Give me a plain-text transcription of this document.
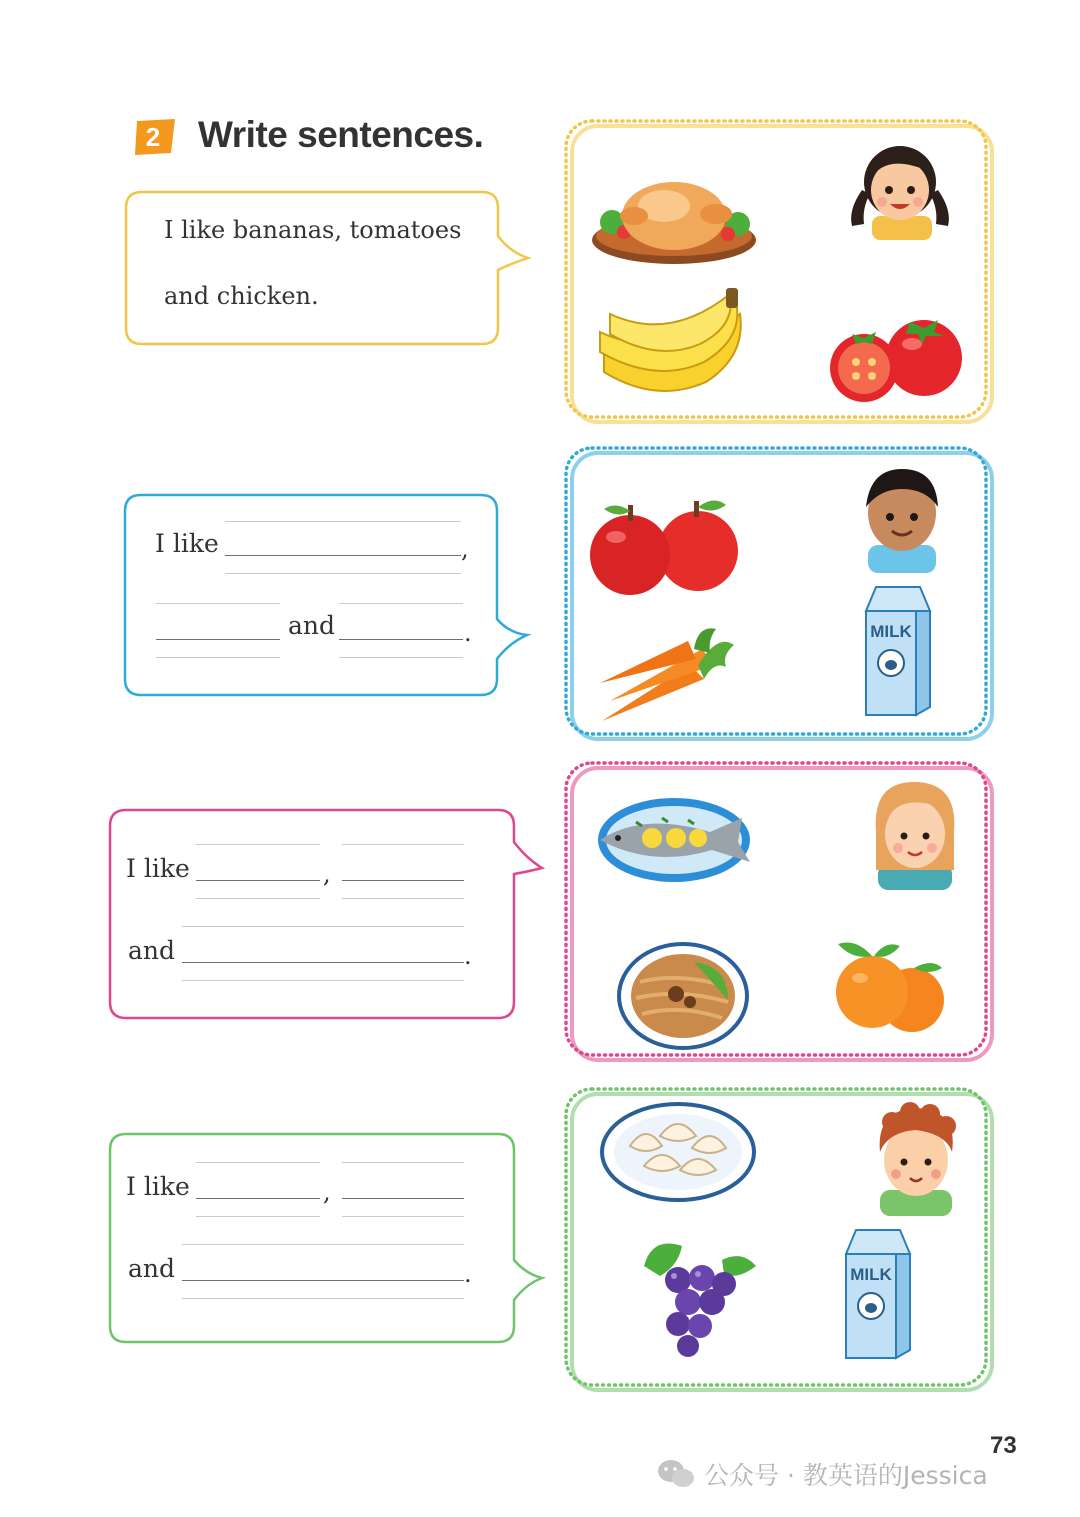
2 Write sentences.
I like bananas, tomatoes
and chicken.
I like	,
and	.
I like	,
and	.
I like	,
and	.
MILK
MILK
73
公众号 · 教英语的Jessica
